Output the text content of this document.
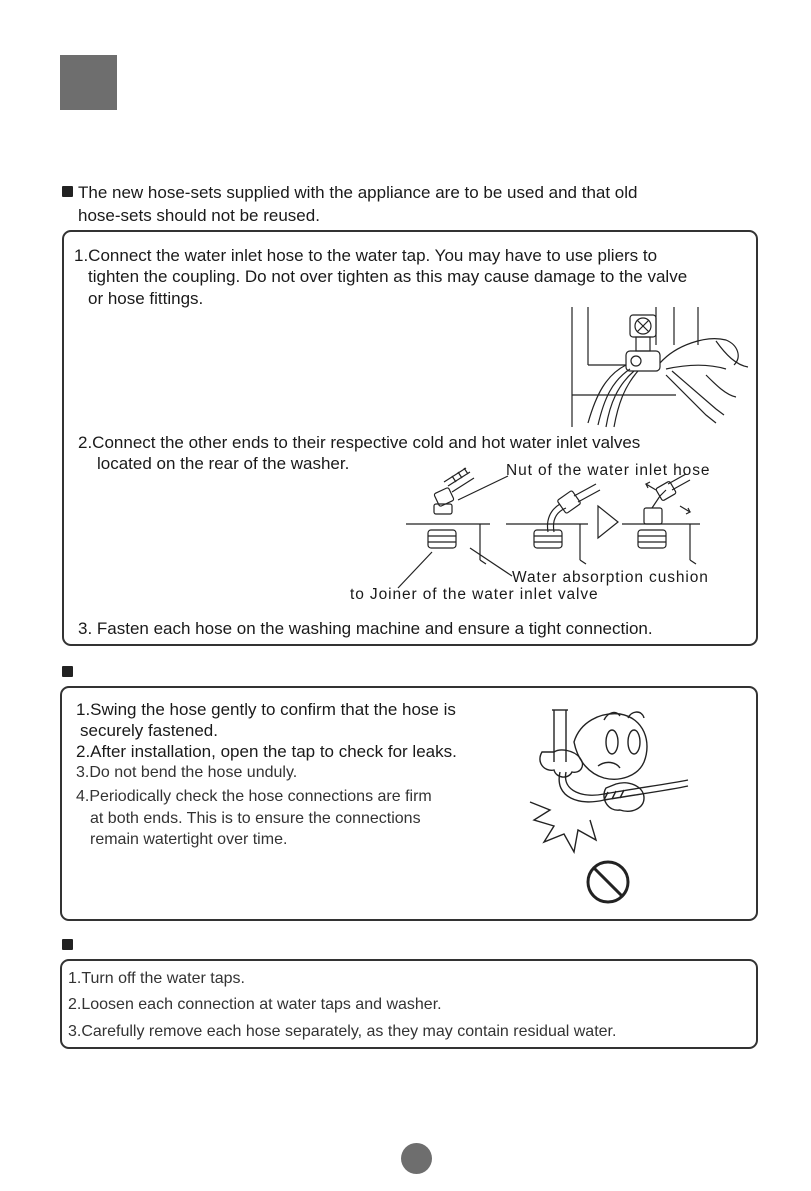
The new hose-sets supplied with the appliance are to be used and that old
hose-sets should not be reused.
1.Connect the water inlet hose to the water tap. You may have to use pliers to
tighten the coupling. Do not over tighten as this may cause damage to the valve
or hose fittings.
2.Connect the other ends to their respective cold and hot water inlet valves
located on the rear of the washer.	Nut of the water inlet hose
Water absorption cushion
to Joiner of the water inlet valve
3. Fasten each hose on the washing machine and ensure a tight connection.
1.Swing the hose gently to confirm that the hose is
securely fastened.
2.After installation, open the tap to check for leaks.
3.Do not bend the hose unduly.
4.Periodically check the hose connections are firm
at both ends. This is to ensure the connections
remain watertight over time.
1.Turn off the water taps.
2.Loosen each connection at water taps and washer.
3.Carefully remove each hose separately, as they may contain residual water.
